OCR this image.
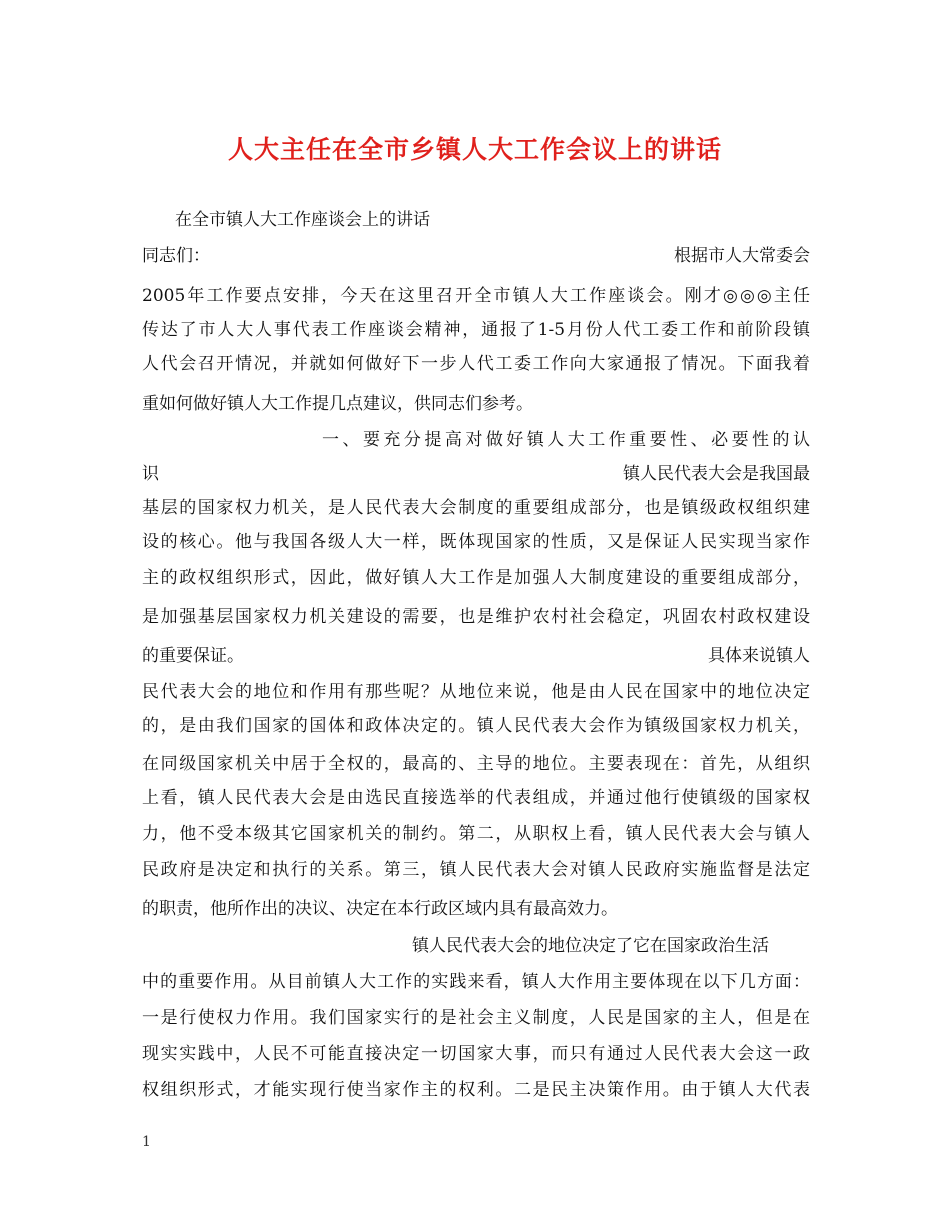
人大主任在全市乡镇人大工作会议上的讲话
在全市镇人大工作座谈会上的讲话
同志们：	根据市人大常委会
2005年工作要点安排，今天在这里召开全市镇人大工作座谈会。刚才◎◎◎主任
传达了市人大人事代表工作座谈会精神，通报了1-5月份人代工委工作和前阶段镇
人代会召开情况，并就如何做好下一步人代工委工作向大家通报了情况。下面我着
重如何做好镇人大工作提几点建议，供同志们参考。
一、要充分提高对做好镇人大工作重要性、必要性的认
识	镇人民代表大会是我国最
基层的国家权力机关，是人民代表大会制度的重要组成部分，也是镇级政权组织建
设的核心。他与我国各级人大一样，既体现国家的性质，又是保证人民实现当家作
主的政权组织形式，因此，做好镇人大工作是加强人大制度建设的重要组成部分，
是加强基层国家权力机关建设的需要，也是维护农村社会稳定，巩固农村政权建设
的重要保证。	具体来说镇人
民代表大会的地位和作用有那些呢？从地位来说，他是由人民在国家中的地位决定
的，是由我们国家的国体和政体决定的。镇人民代表大会作为镇级国家权力机关，
在同级国家机关中居于全权的，最高的、主导的地位。主要表现在：首先，从组织
上看，镇人民代表大会是由选民直接选举的代表组成，并通过他行使镇级的国家权
力，他不受本级其它国家机关的制约。第二，从职权上看，镇人民代表大会与镇人
民政府是决定和执行的关系。第三，镇人民代表大会对镇人民政府实施监督是法定
的职责，他所作出的决议、决定在本行政区域内具有最高效力。
镇人民代表大会的地位决定了它在国家政治生活
中的重要作用。从目前镇人大工作的实践来看，镇人大作用主要体现在以下几方面：
一是行使权力作用。我们国家实行的是社会主义制度，人民是国家的主人，但是在
现实实践中，人民不可能直接决定一切国家大事，而只有通过人民代表大会这一政
权组织形式，才能实现行使当家作主的权利。二是民主决策作用。由于镇人大代表
1
